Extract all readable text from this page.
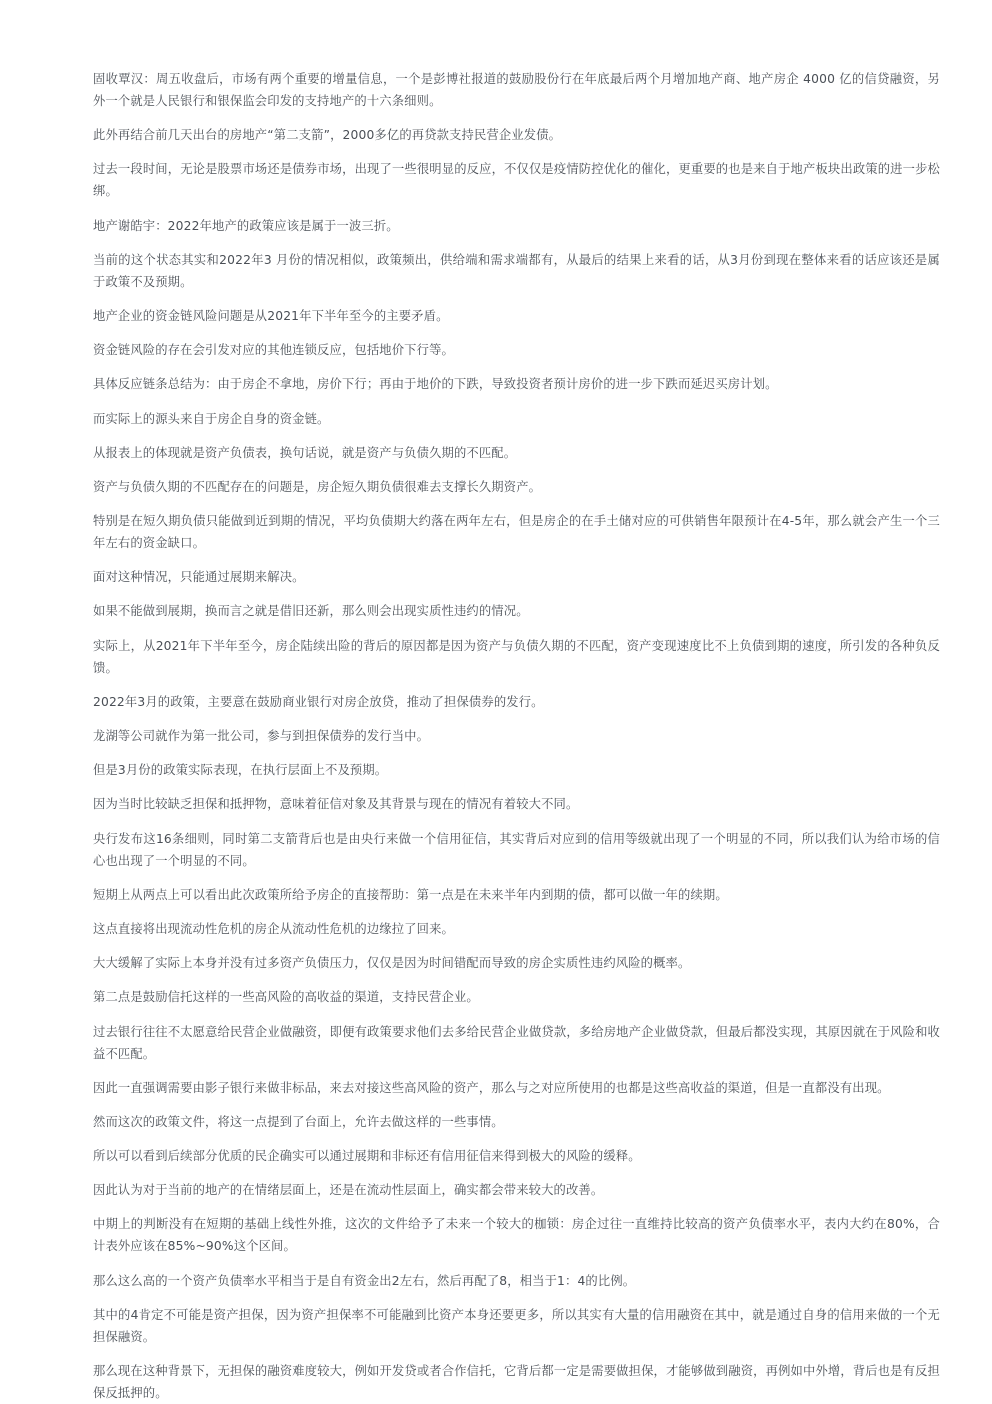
固收覃汉：周五收盘后，市场有两个重要的增量信息，一个是彭博社报道的鼓励股份行在年底最后两个月增加地产商、地产房企 4000 亿的信贷融资，另外一个就是人民银行和银保监会印发的支持地产的十六条细则。

此外再结合前几天出台的房地产“第二支箭”，2000多亿的再贷款支持民营企业发债。

过去一段时间，无论是股票市场还是债券市场，出现了一些很明显的反应，不仅仅是疫情防控优化的催化，更重要的也是来自于地产板块出政策的进一步松绑。

地产谢皓宇：2022年地产的政策应该是属于一波三折。

当前的这个状态其实和2022年3 月份的情况相似，政策频出，供给端和需求端都有，从最后的结果上来看的话，从3月份到现在整体来看的话应该还是属于政策不及预期。

地产企业的资金链风险问题是从2021年下半年至今的主要矛盾。

资金链风险的存在会引发对应的其他连锁反应，包括地价下行等。

具体反应链条总结为：由于房企不拿地，房价下行；再由于地价的下跌，导致投资者预计房价的进一步下跌而延迟买房计划。

而实际上的源头来自于房企自身的资金链。

从报表上的体现就是资产负债表，换句话说，就是资产与负债久期的不匹配。

资产与负债久期的不匹配存在的问题是，房企短久期负债很难去支撑长久期资产。

特别是在短久期负债只能做到近到期的情况，平均负债期大约落在两年左右，但是房企的在手土储对应的可供销售年限预计在4-5年，那么就会产生一个三年左右的资金缺口。

面对这种情况，只能通过展期来解决。

如果不能做到展期，换而言之就是借旧还新，那么则会出现实质性违约的情况。

实际上，从2021年下半年至今，房企陆续出险的背后的原因都是因为资产与负债久期的不匹配，资产变现速度比不上负债到期的速度，所引发的各种负反馈。

2022年3月的政策，主要意在鼓励商业银行对房企放贷，推动了担保债券的发行。

龙湖等公司就作为第一批公司，参与到担保债券的发行当中。

但是3月份的政策实际表现，在执行层面上不及预期。

因为当时比较缺乏担保和抵押物，意味着征信对象及其背景与现在的情况有着较大不同。

央行发布这16条细则，同时第二支箭背后也是由央行来做一个信用征信，其实背后对应到的信用等级就出现了一个明显的不同，所以我们认为给市场的信心也出现了一个明显的不同。

短期上从两点上可以看出此次政策所给予房企的直接帮助：第一点是在未来半年内到期的债，都可以做一年的续期。

这点直接将出现流动性危机的房企从流动性危机的边缘拉了回来。

大大缓解了实际上本身并没有过多资产负债压力，仅仅是因为时间错配而导致的房企实质性违约风险的概率。

第二点是鼓励信托这样的一些高风险的高收益的渠道，支持民营企业。

过去银行往往不太愿意给民营企业做融资，即便有政策要求他们去多给民营企业做贷款，多给房地产企业做贷款，但最后都没实现，其原因就在于风险和收益不匹配。

因此一直强调需要由影子银行来做非标品，来去对接这些高风险的资产，那么与之对应所使用的也都是这些高收益的渠道，但是一直都没有出现。

然而这次的政策文件，将这一点提到了台面上，允许去做这样的一些事情。

所以可以看到后续部分优质的民企确实可以通过展期和非标还有信用征信来得到极大的风险的缓释。

因此认为对于当前的地产的在情绪层面上，还是在流动性层面上，确实都会带来较大的改善。

中期上的判断没有在短期的基础上线性外推，这次的文件给予了未来一个较大的枷锁：房企过往一直维持比较高的资产负债率水平，表内大约在80%，合计表外应该在85%~90%这个区间。

那么这么高的一个资产负债率水平相当于是自有资金出2左右，然后再配了8，相当于1：4的比例。

其中的4肯定不可能是资产担保，因为资产担保率不可能融到比资产本身还要更多，所以其实有大量的信用融资在其中，就是通过自身的信用来做的一个无担保融资。

那么现在这种背景下，无担保的融资难度较大，例如开发贷或者合作信托，它背后都一定是需要做担保，才能够做到融资，再例如中外增，背后也是有反担保反抵押的。
